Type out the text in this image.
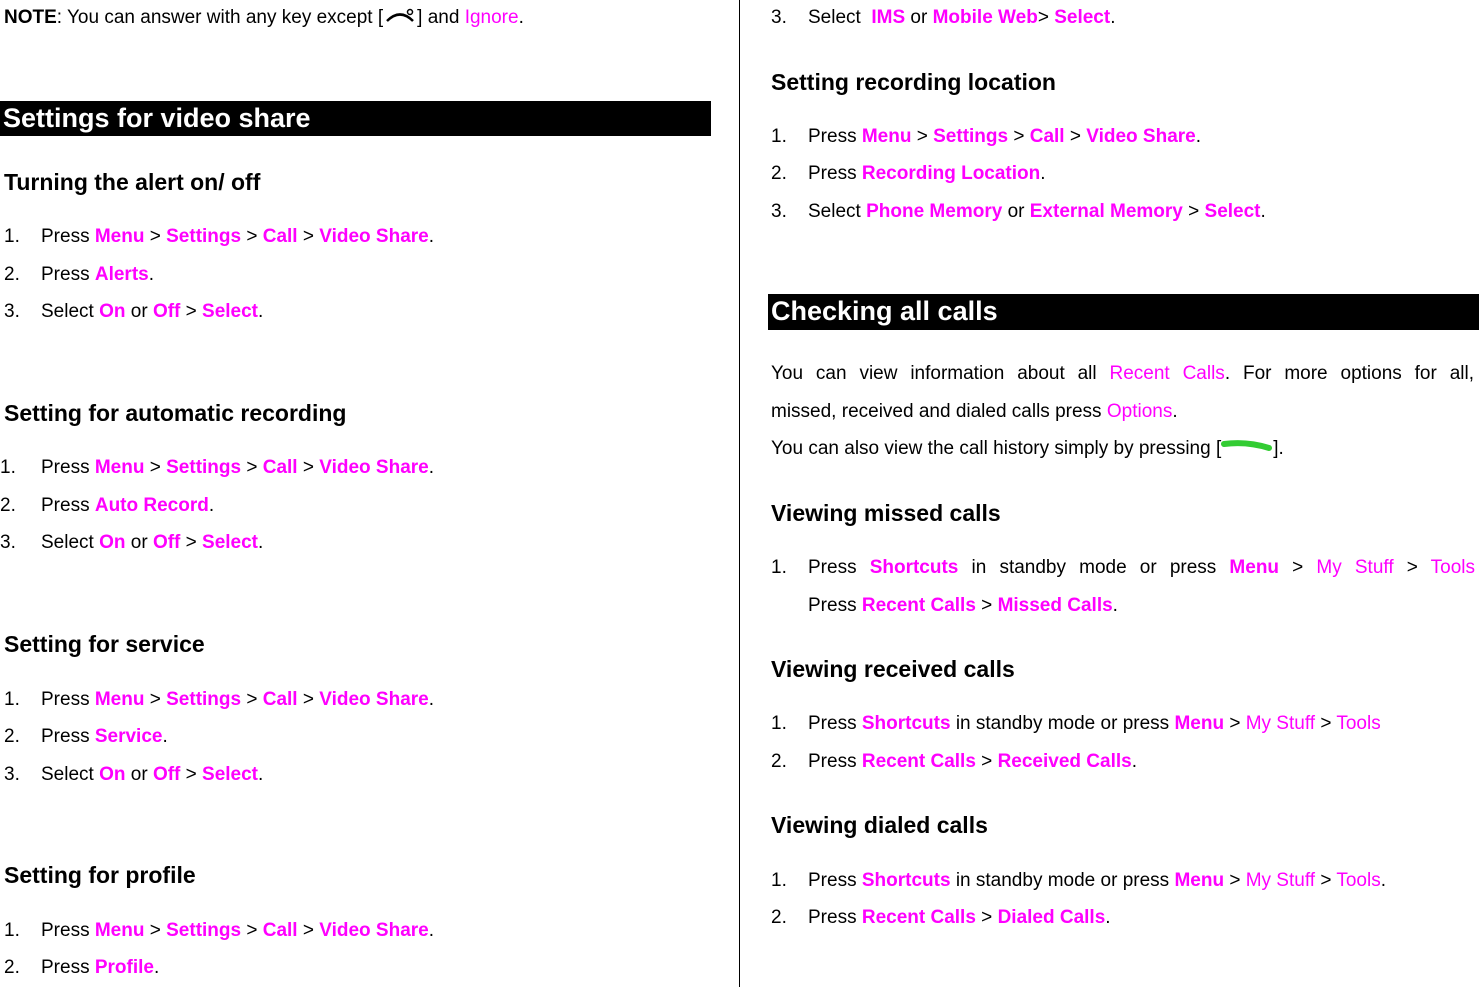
NOTE: You can answer with any key except [ ] and Ignore.
Settings for video share
Turning the alert on/ off
1. Press Menu > Settings > Call > Video Share.
2. Press Alerts.
3. Select On or Off > Select.
Setting for automatic recording
1. Press Menu > Settings > Call > Video Share.
2. Press Auto Record.
3. Select On or Off > Select.
Setting for service
1. Press Menu > Settings > Call > Video Share.
2. Press Service.
3. Select On or Off > Select.
Setting for profile
1. Press Menu > Settings > Call > Video Share.
2. Press Profile.
3. Select  IMS or Mobile Web> Select.
Setting recording location
1. Press Menu > Settings > Call > Video Share.
2. Press Recording Location.
3. Select Phone Memory or External Memory > Select.
Checking all calls
You can view information about all Recent Calls. For more options for all,
missed, received and dialed calls press Options.
You can also view the call history simply by pressing [	].
Viewing missed calls
1. Press Shortcuts in standby mode or press Menu > My Stuff > Tools
Press Recent Calls > Missed Calls.
Viewing received calls
1. Press Shortcuts in standby mode or press Menu > My Stuff > Tools
2. Press Recent Calls > Received Calls.
Viewing dialed calls
1. Press Shortcuts in standby mode or press Menu > My Stuff > Tools.
2. Press Recent Calls > Dialed Calls.
